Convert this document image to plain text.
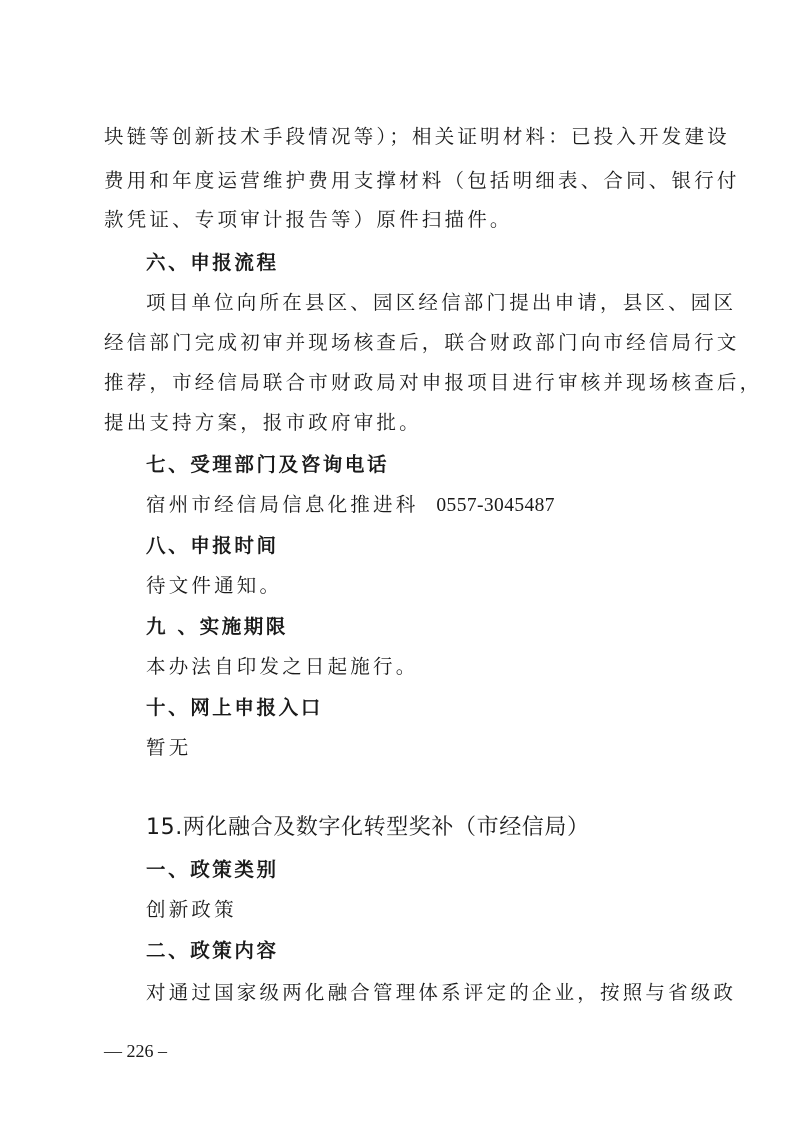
块链等创新技术手段情况等）；相关证明材料：已投入开发建设
费用和年度运营维护费用支撑材料（包括明细表、合同、银行付
款凭证、专项审计报告等）原件扫描件。
六、申报流程
项目单位向所在县区、园区经信部门提出申请，县区、园区
经信部门完成初审并现场核查后，联合财政部门向市经信局行文
推荐，市经信局联合市财政局对申报项目进行审核并现场核查后，
提出支持方案，报市政府审批。
七、受理部门及咨询电话
宿州市经信局信息化推进科 0557-3045487
八、申报时间
待文件通知。
九 、实施期限
本办法自印发之日起施行。
十、网上申报入口
暂无
15.两化融合及数字化转型奖补（市经信局）
一、政策类别
创新政策
二、政策内容
对通过国家级两化融合管理体系评定的企业，按照与省级政
— 226 –
